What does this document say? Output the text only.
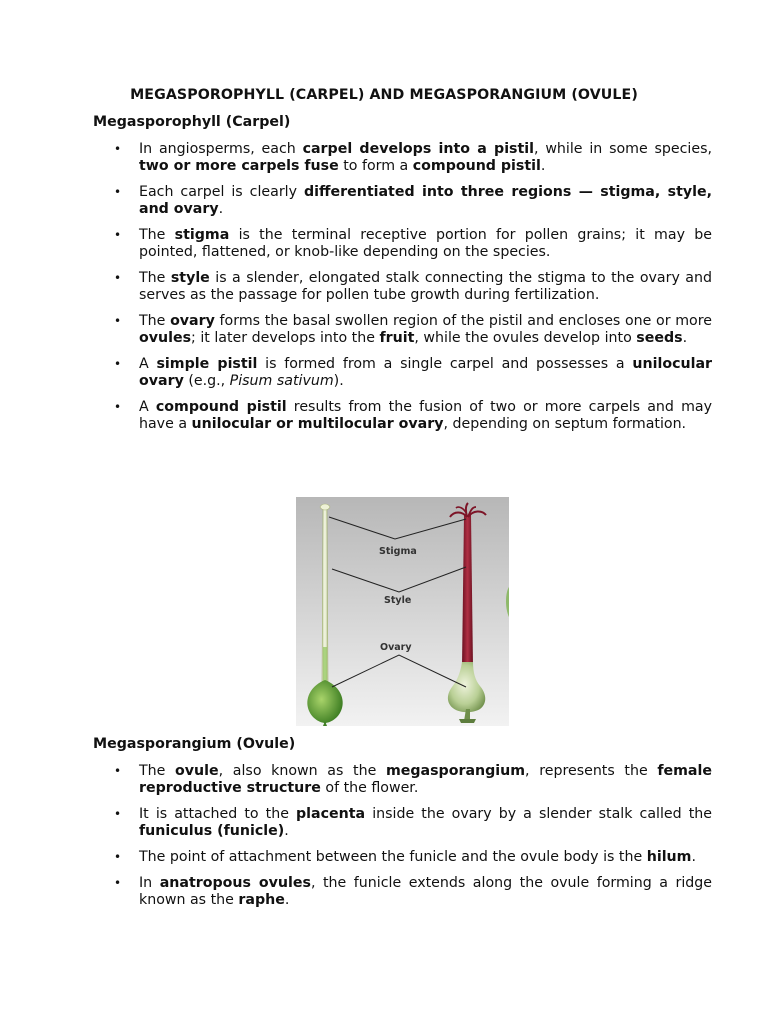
MEGASPOROPHYLL (CARPEL) AND MEGASPORANGIUM (OVULE)
Megasporophyll (Carpel)
• In angiosperms, each carpel develops into a pistil, while in some species, two or more carpels fuse to form a compound pistil.
• Each carpel is clearly differentiated into three regions — stigma, style, and ovary.
• The stigma is the terminal receptive portion for pollen grains; it may be pointed, flattened, or knob-like depending on the species.
• The style is a slender, elongated stalk connecting the stigma to the ovary and serves as the passage for pollen tube growth during fertilization.
• The ovary forms the basal swollen region of the pistil and encloses one or more ovules; it later develops into the fruit, while the ovules develop into seeds.
• A simple pistil is formed from a single carpel and possesses a unilocular ovary (e.g., Pisum sativum).
• A compound pistil results from the fusion of two or more carpels and may have a unilocular or multilocular ovary, depending on septum formation.
Stigma
Style
Ovary
Megasporangium (Ovule)
• The ovule, also known as the megasporangium, represents the female reproductive structure of the flower.
• It is attached to the placenta inside the ovary by a slender stalk called the funiculus (funicle).
• The point of attachment between the funicle and the ovule body is the hilum.
• In anatropous ovules, the funicle extends along the ovule forming a ridge known as the raphe.
